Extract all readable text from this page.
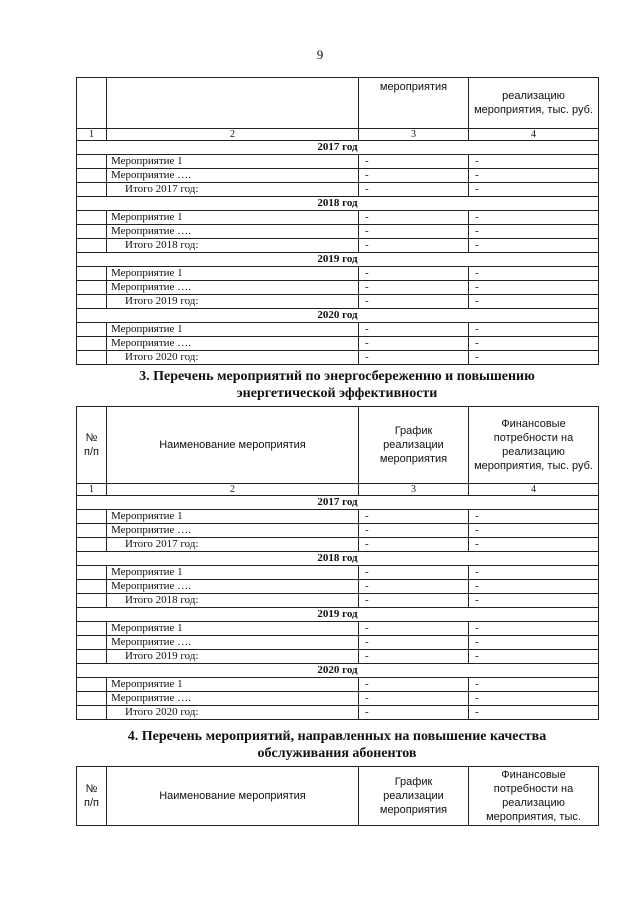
9
		мероприятия	реализацию мероприятия, тыс. руб.
1	2	3	4
2017 год			
	Мероприятие 1	-	-
	Мероприятие ….	-	-
	Итого 2017 год:	-	-
2018 год			
	Мероприятие 1	-	-
	Мероприятие ….	-	-
	Итого 2018 год:	-	-
2019 год			
	Мероприятие 1	-	-
	Мероприятие ….	-	-
	Итого 2019 год:	-	-
2020 год			
	Мероприятие 1	-	-
	Мероприятие ….	-	-
	Итого 2020 год:	-	-
3. Перечень мероприятий по энергосбережению и повышению
энергетической эффективности
№ п/п	Наименование мероприятия	График реализации мероприятия	Финансовые потребности на реализацию мероприятия, тыс. руб.
1	2	3	4
2017 год			
	Мероприятие 1	-	-
	Мероприятие ….	-	-
	Итого 2017 год:	-	-
2018 год			
	Мероприятие 1	-	-
	Мероприятие ….	-	-
	Итого 2018 год:	-	-
2019 год			
	Мероприятие 1	-	-
	Мероприятие ….	-	-
	Итого 2019 год:	-	-
2020 год			
	Мероприятие 1	-	-
	Мероприятие ….	-	-
	Итого 2020 год:	-	-
4. Перечень мероприятий, направленных на повышение качества
обслуживания абонентов
№ п/п	Наименование мероприятия	График реализации мероприятия	Финансовые потребности на реализацию мероприятия, тыс.
